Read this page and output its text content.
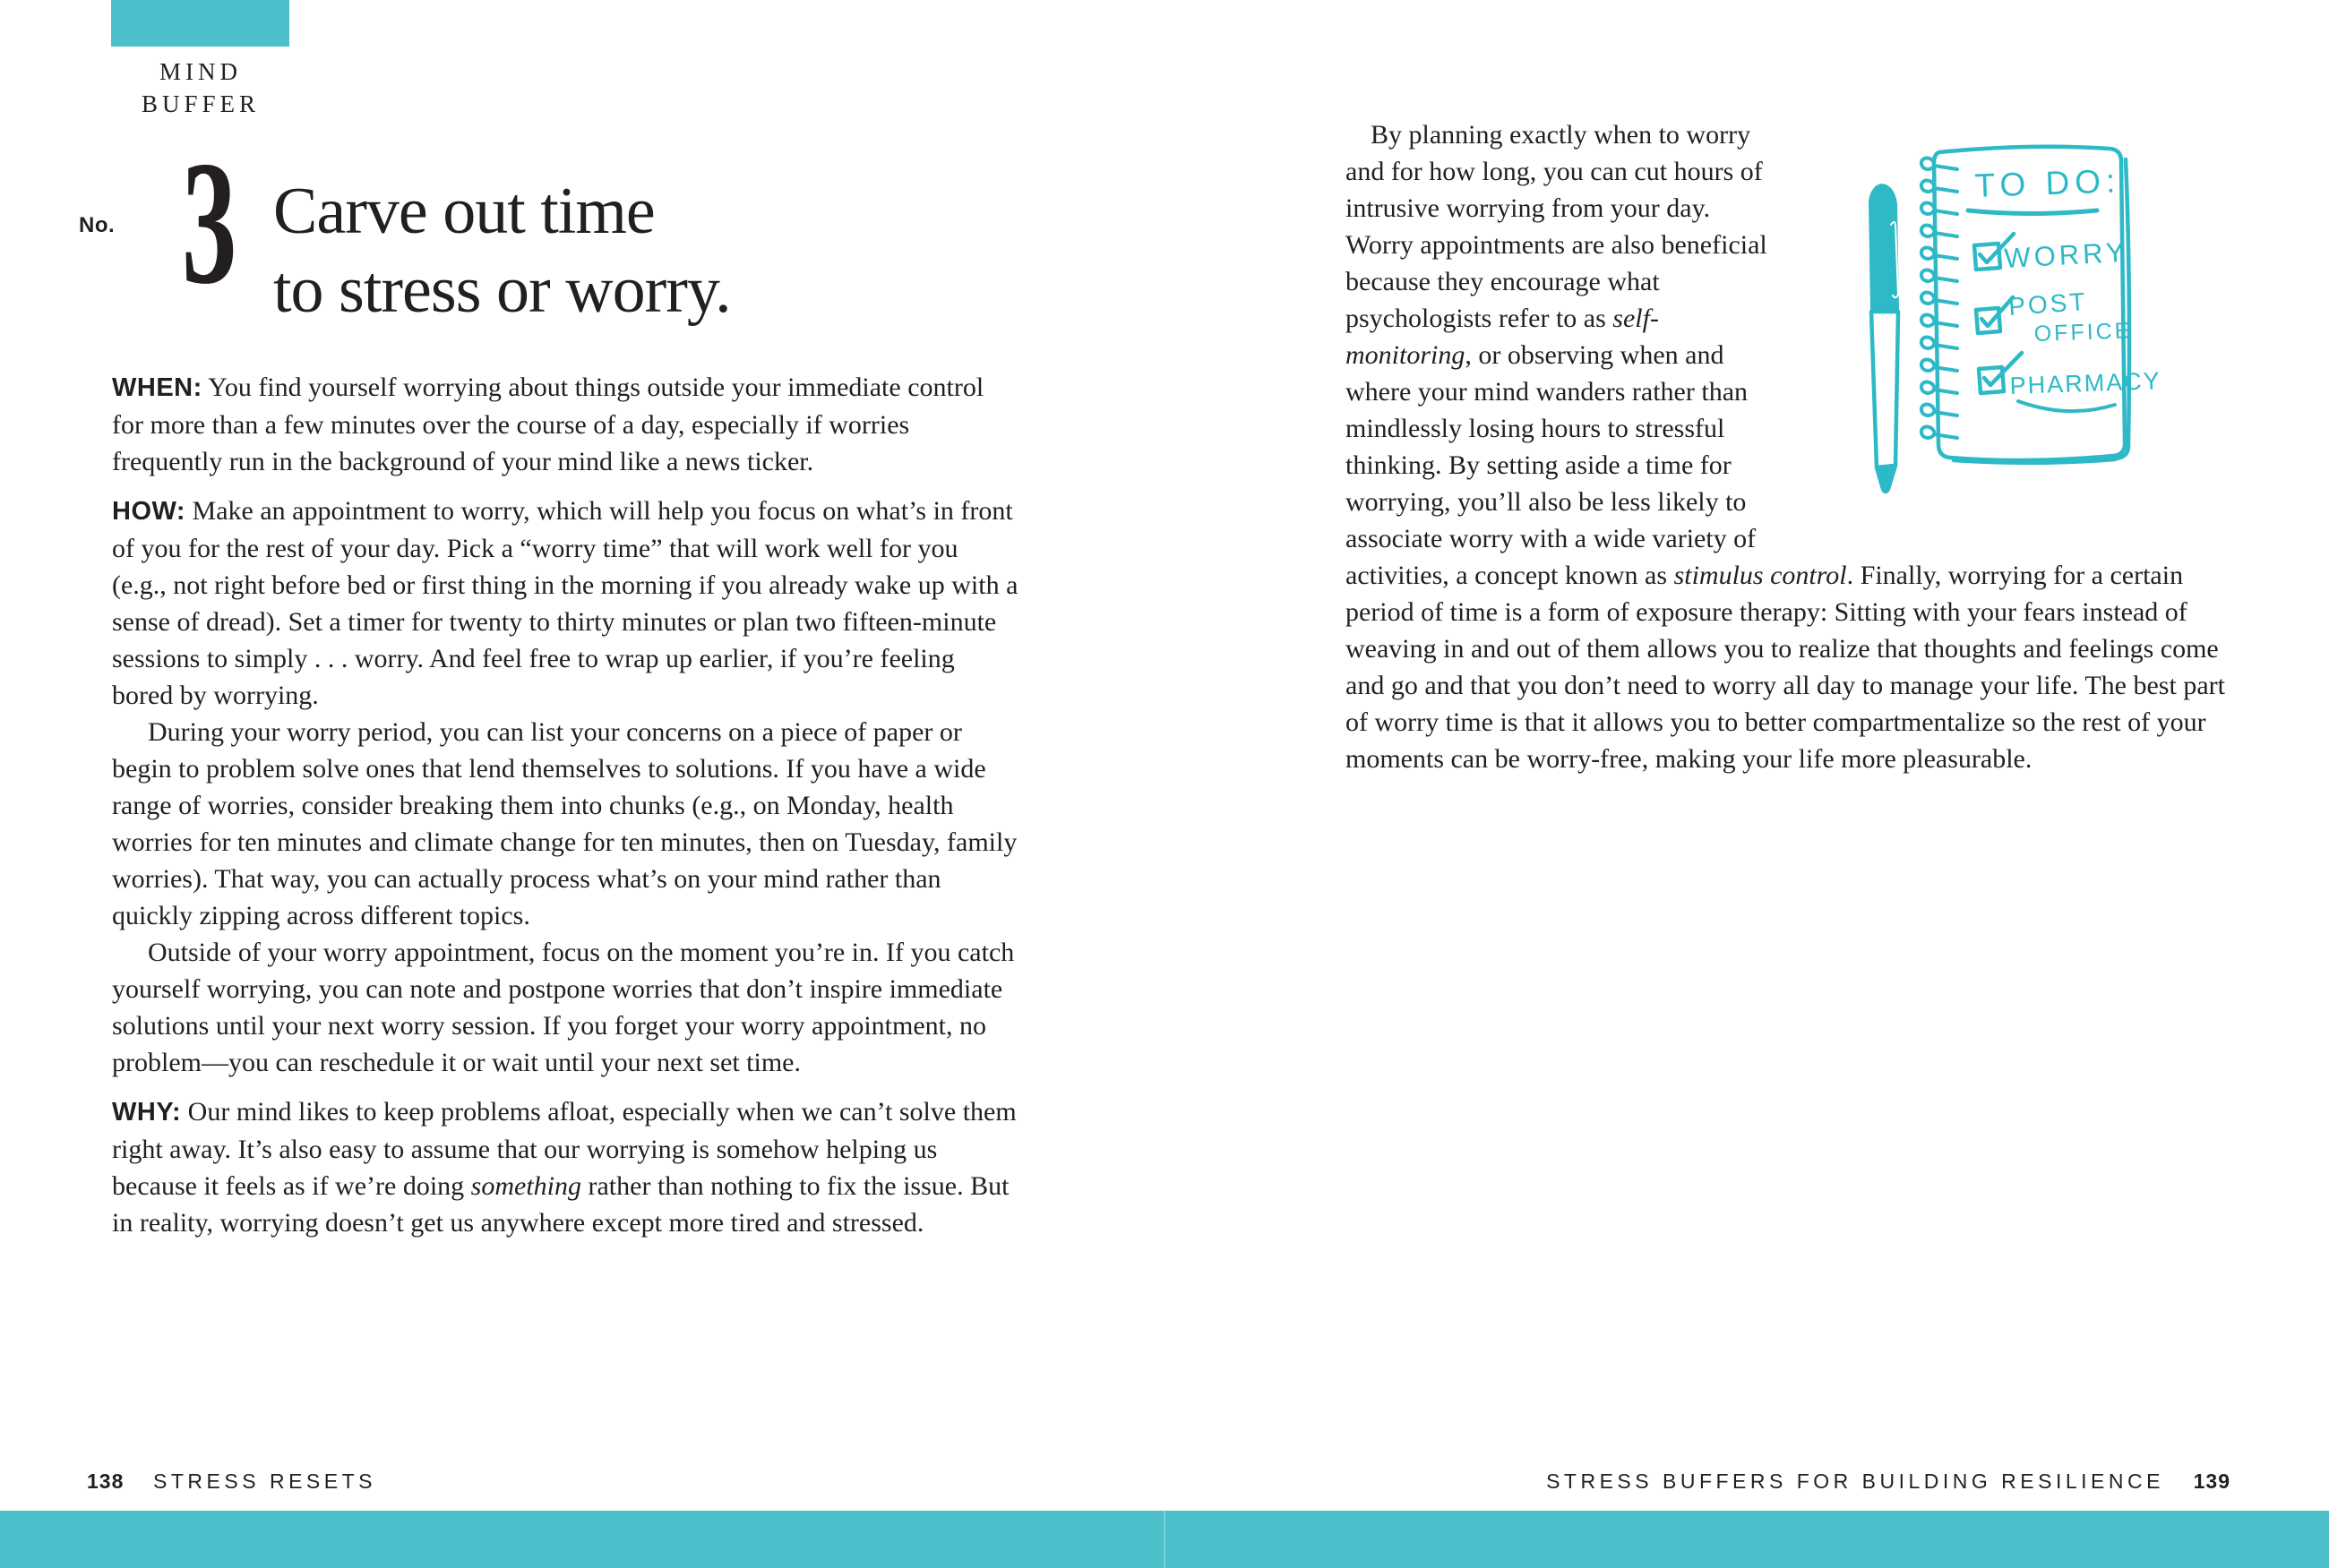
MIND
BUFFER
No. 3 Carve out time
to stress or worry.

WHEN: You find yourself worrying about things outside your immediate control for more than a few minutes over the course of a day, especially if worries frequently run in the background of your mind like a news ticker.

HOW: Make an appointment to worry, which will help you focus on what’s in front of you for the rest of your day. Pick a “worry time” that will work well for you (e.g., not right before bed or first thing in the morning if you already wake up with a sense of dread). Set a timer for twenty to thirty minutes or plan two fifteen-minute sessions to simply . . . worry. And feel free to wrap up earlier, if you’re feeling bored by worrying.

During your worry period, you can list your concerns on a piece of paper or begin to problem solve ones that lend themselves to solutions. If you have a wide range of worries, consider breaking them into chunks (e.g., on Monday, health worries for ten minutes and climate change for ten minutes, then on Tuesday, family worries). That way, you can actually process what’s on your mind rather than quickly zipping across different topics.

Outside of your worry appointment, focus on the moment you’re in. If you catch yourself worrying, you can note and postpone worries that don’t inspire immediate solutions until your next worry session. If you forget your worry appointment, no problem—you can reschedule it or wait until your next set time.

WHY: Our mind likes to keep problems afloat, especially when we can’t solve them right away. It’s also easy to assume that our worrying is somehow helping us because it feels as if we’re doing something rather than nothing to fix the issue. But in reality, worrying doesn’t get us anywhere except more tired and stressed.

138 STRESS RESETS

By planning exactly when to worry and for how long, you can cut hours of intrusive worrying from your day. Worry appointments are also beneficial because they encourage what psychologists refer to as self-monitoring, or observing when and where your mind wanders rather than mindlessly losing hours to stressful thinking. By setting aside a time for worrying, you’ll also be less likely to associate worry with a wide variety of activities, a concept known as stimulus control. Finally, worrying for a certain period of time is a form of exposure therapy: Sitting with your fears instead of weaving in and out of them allows you to realize that thoughts and feelings come and go and that you don’t need to worry all day to manage your life. The best part of worry time is that it allows you to better compartmentalize so the rest of your moments can be worry-free, making your life more pleasurable.

TO DO:
WORRY
POST
OFFICE
PHARMACY
STRESS BUFFERS FOR BUILDING RESILIENCE 139
